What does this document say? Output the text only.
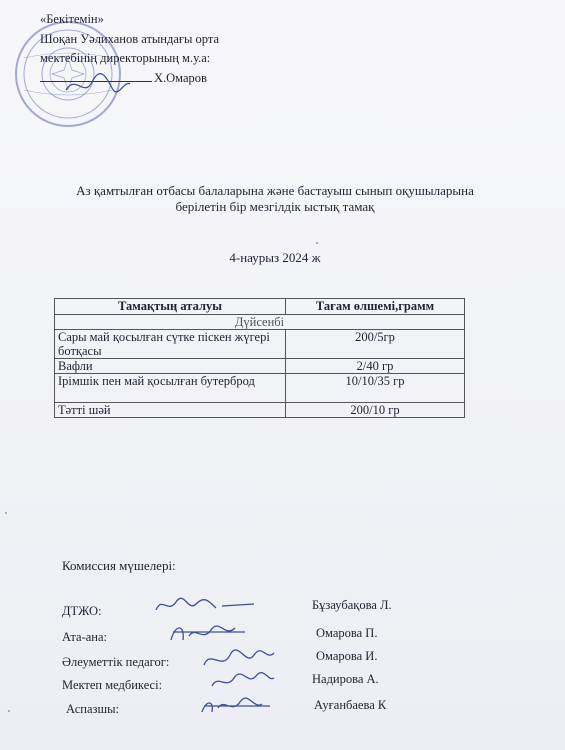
«Бекітемін»
Шоқан Уәлиханов атындағы орта
мектебінің директорының м.у.а:
Х.Омаров
Аз қамтылған отбасы балаларына және бастауыш сынып оқушыларына
берілетін бір мезгілдік ыстық тамақ
4-наурыз 2024 ж
Тамақтың аталуы	Тағам өлшемі,грамм
Дүйсенбі	
Сары май қосылған сүтке піскен жүгері ботқасы	200/5гр
Вафли	2/40 гр
Ірімшік пен май қосылған бутерброд	10/10/35 гр
Тәтті шәй	200/10 гр
Комиссия мүшелері:
ДТЖО:	Бұзаубақова Л.
Ата-ана:	Омарова П.
Әлеуметтік педагог:	Омарова И.
Мектеп медбикесі:	Надирова А.
Аспазшы:	Ауғанбаева К
